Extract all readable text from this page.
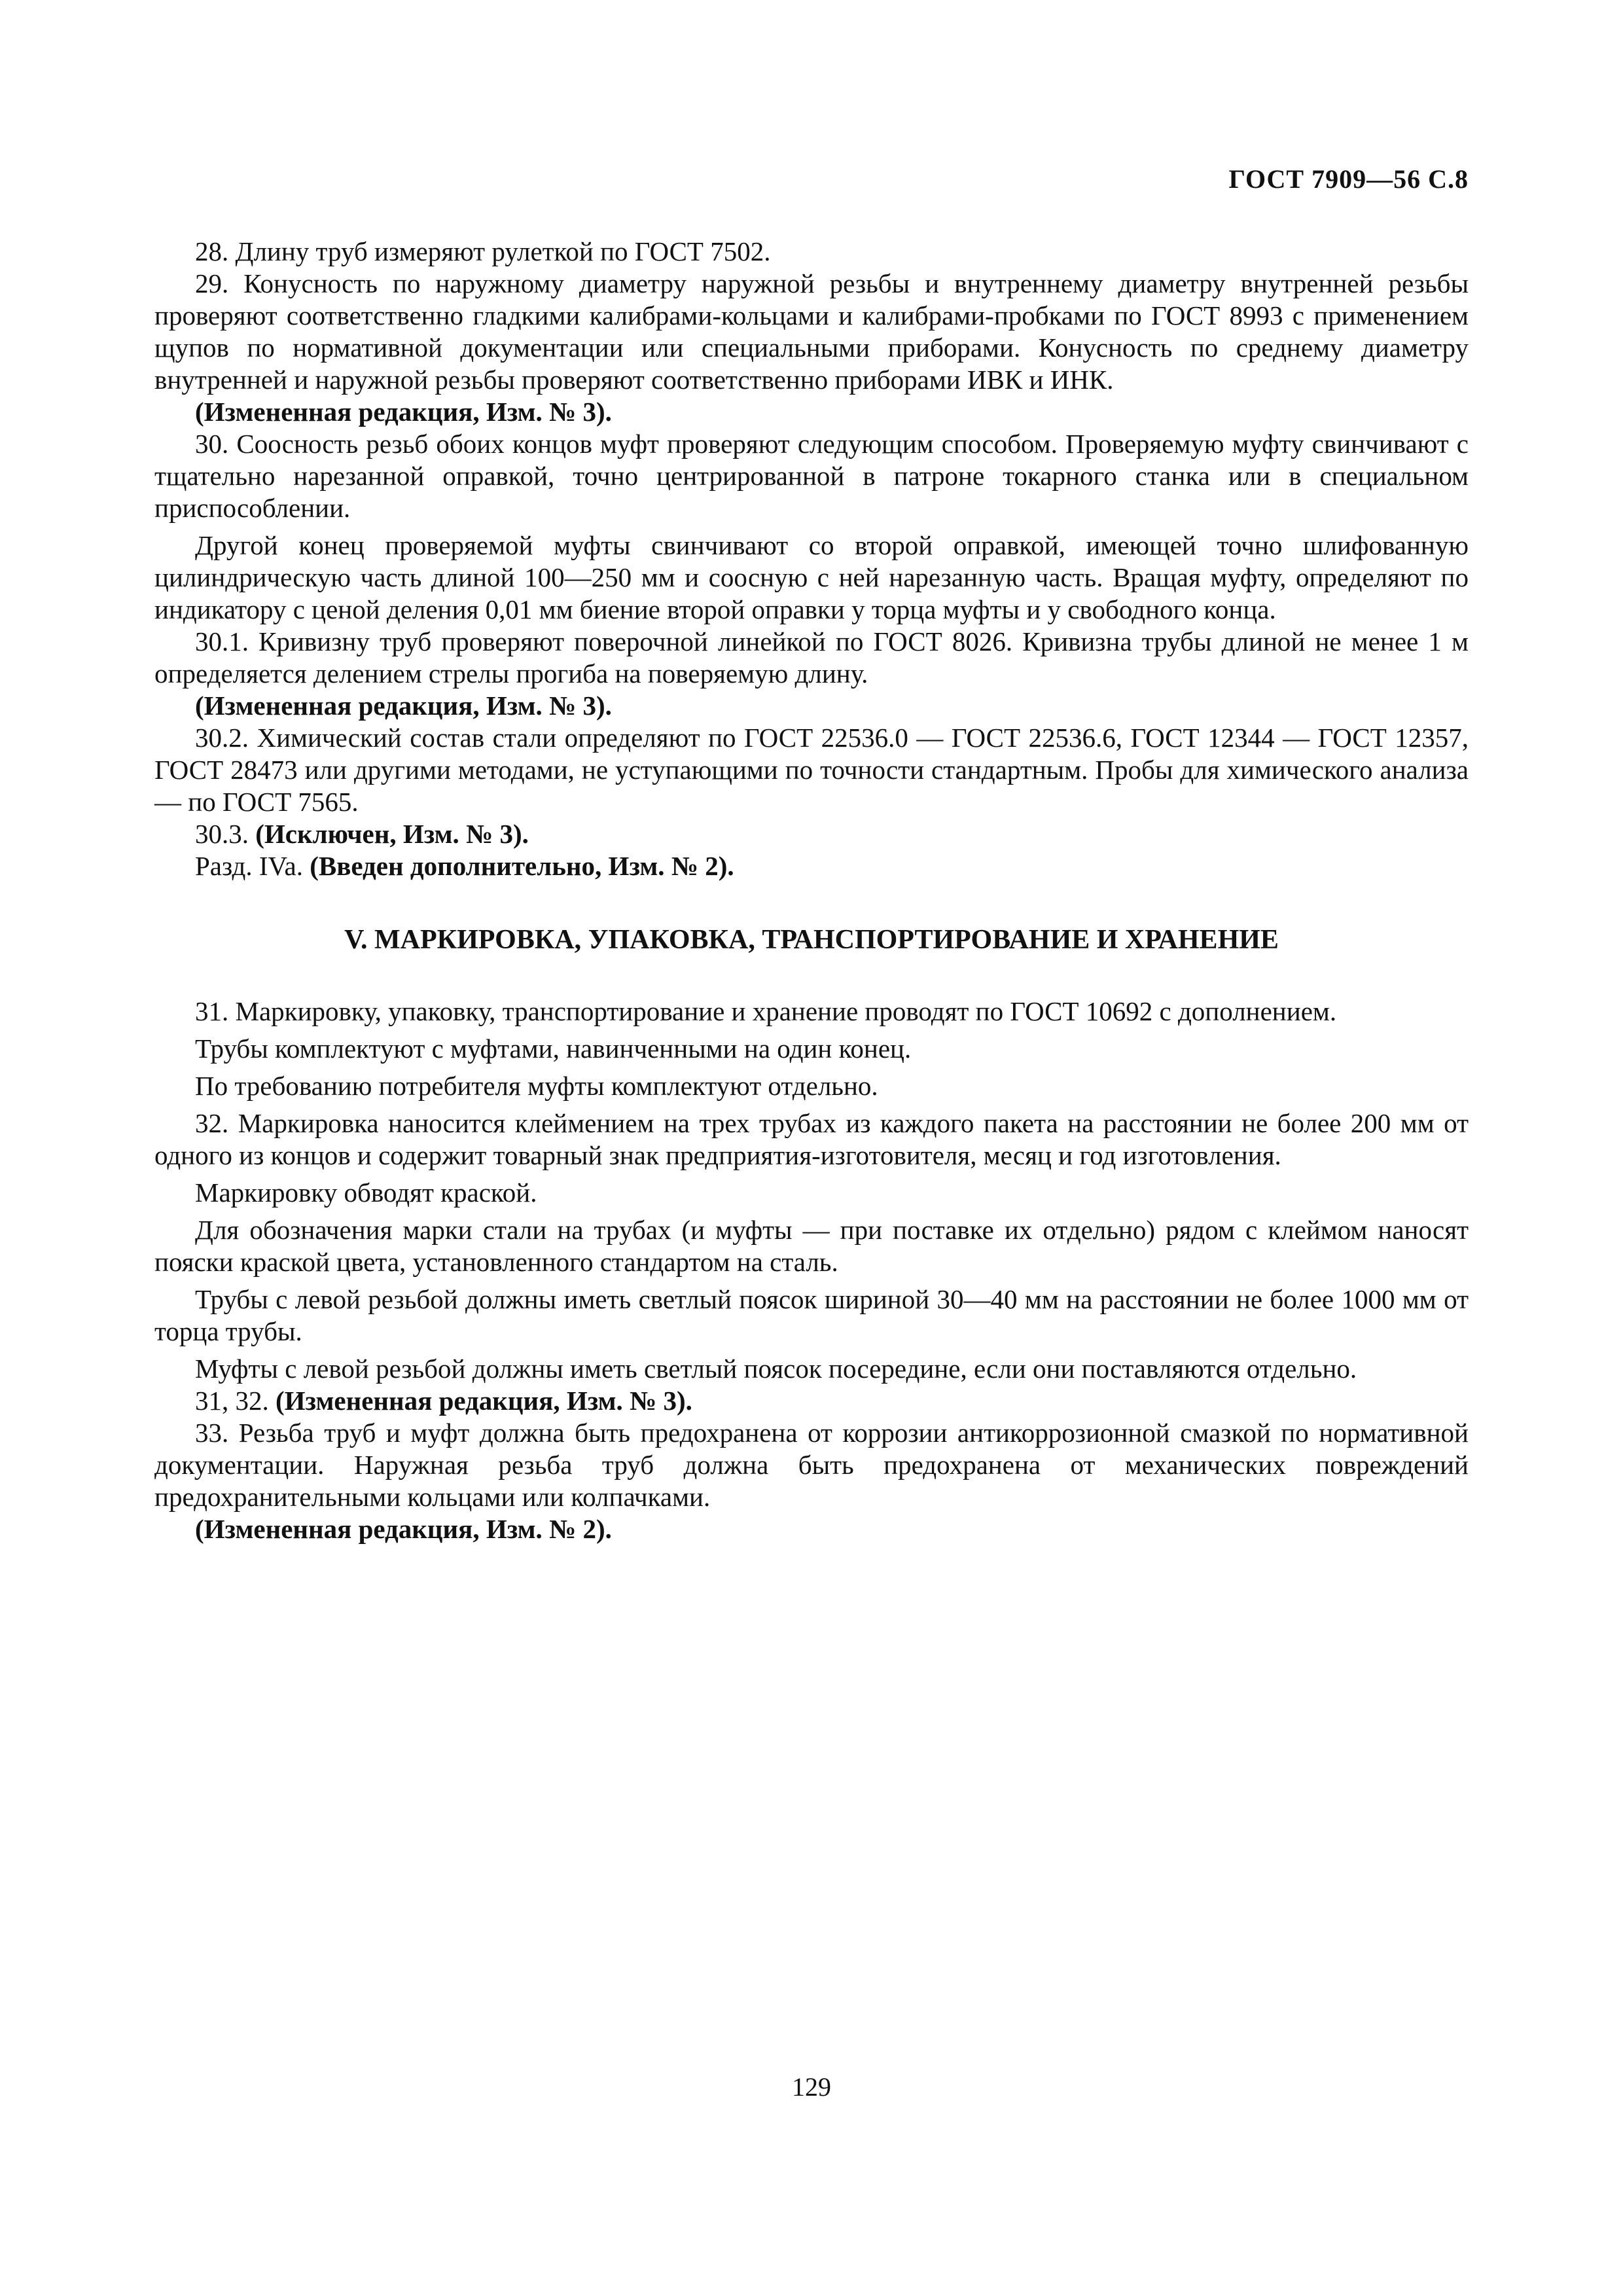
ГОСТ 7909—56 С.8

28. Длину труб измеряют рулеткой по ГОСТ 7502.

29. Конусность по наружному диаметру наружной резьбы и внутреннему диаметру внутренней резьбы проверяют соответственно гладкими калибрами-кольцами и калибрами-пробками по ГОСТ 8993 с применением щупов по нормативной документации или специальными приборами. Конусность по среднему диаметру внутренней и наружной резьбы проверяют соответственно приборами ИВК и ИНК.

(Измененная редакция, Изм. № 3).

30. Соосность резьб обоих концов муфт проверяют следующим способом. Проверяемую муфту свинчивают с тщательно нарезанной оправкой, точно центрированной в патроне токарного станка или в специальном приспособлении.

Другой конец проверяемой муфты свинчивают со второй оправкой, имеющей точно шлифованную цилиндрическую часть длиной 100—250 мм и соосную с ней нарезанную часть. Вращая муфту, определяют по индикатору с ценой деления 0,01 мм биение второй оправки у торца муфты и у свободного конца.

30.1. Кривизну труб проверяют поверочной линейкой по ГОСТ 8026. Кривизна трубы длиной не менее 1 м определяется делением стрелы прогиба на поверяемую длину.

(Измененная редакция, Изм. № 3).

30.2. Химический состав стали определяют по ГОСТ 22536.0 — ГОСТ 22536.6, ГОСТ 12344 — ГОСТ 12357, ГОСТ 28473 или другими методами, не уступающими по точности стандартным. Пробы для химического анализа — по ГОСТ 7565.

30.3. (Исключен, Изм. № 3).

Разд. IVa. (Введен дополнительно, Изм. № 2).

V. МАРКИРОВКА, УПАКОВКА, ТРАНСПОРТИРОВАНИЕ И ХРАНЕНИЕ

31. Маркировку, упаковку, транспортирование и хранение проводят по ГОСТ 10692 с дополнением.

Трубы комплектуют с муфтами, навинченными на один конец.

По требованию потребителя муфты комплектуют отдельно.

32. Маркировка наносится клеймением на трех трубах из каждого пакета на расстоянии не более 200 мм от одного из концов и содержит товарный знак предприятия-изготовителя, месяц и год изготовления.

Маркировку обводят краской.

Для обозначения марки стали на трубах (и муфты — при поставке их отдельно) рядом с клеймом наносят пояски краской цвета, установленного стандартом на сталь.

Трубы с левой резьбой должны иметь светлый поясок шириной 30—40 мм на расстоянии не более 1000 мм от торца трубы.

Муфты с левой резьбой должны иметь светлый поясок посередине, если они поставляются отдельно.

31, 32. (Измененная редакция, Изм. № 3).

33. Резьба труб и муфт должна быть предохранена от коррозии антикоррозионной смазкой по нормативной документации. Наружная резьба труб должна быть предохранена от механических повреждений предохранительными кольцами или колпачками.

(Измененная редакция, Изм. № 2).

129
